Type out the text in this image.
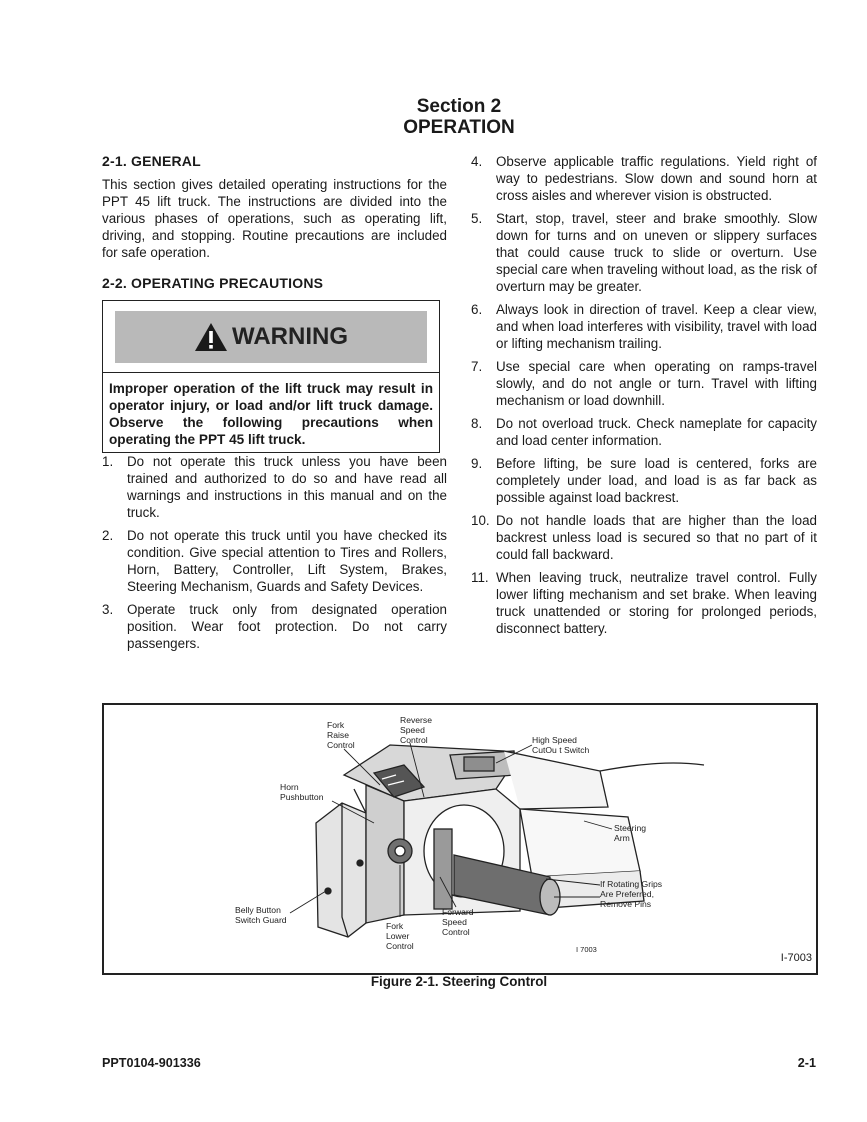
Section 2
OPERATION
2-1. GENERAL

This section gives detailed operating instructions for the PPT 45 lift truck. The instructions are divided into the various phases of operations, such as operating lift, driving, and stopping. Routine precautions are included for safe operation.

2-2. OPERATING PRECAUTIONS
WARNING
Improper operation of the lift truck may result in operator injury, or load and/or lift truck damage. Observe the following precautions when operating the PPT 45 lift truck.
1.	Do not operate this truck unless you have been trained and authorized to do so and have read all warnings and instructions in this manual and on the truck.
2.	Do not operate this truck until you have checked its condition. Give special attention to Tires and Rollers, Horn, Battery, Controller, Lift System, Brakes, Steering Mechanism, Guards and Safety Devices.
3.	Operate truck only from designated operation position. Wear foot protection. Do not carry passengers.
4.	Observe applicable traffic regulations. Yield right of way to pedestrians. Slow down and sound horn at cross aisles and wherever vision is obstructed.
5.	Start, stop, travel, steer and brake smoothly. Slow down for turns and on uneven or slippery surfaces that could cause truck to slide or overturn. Use special care when traveling without load, as the risk of overturn may be greater.
6.	Always look in direction of travel. Keep a clear view, and when load interferes with visibility, travel with load or lifting mechanism trailing.
7.	Use special care when operating on ramps-travel slowly, and do not angle or turn. Travel with lifting mechanism or load downhill.
8.	Do not overload truck. Check nameplate for capacity and load center information.
9.	Before lifting, be sure load is centered, forks are completely under load, and load is as far back as possible against load backrest.
10. Do not handle loads that are higher than the load backrest unless load is secured so that no part of it could fall backward.
11. When leaving truck, neutralize travel control. Fully lower lifting mechanism and set brake. When leaving truck unattended or storing for prolonged periods, disconnect battery.
Fork
Raise
Control
Reverse
Speed
Control	High Speed
CutOu t Switch
Horn
Pushbutton
Steering
Arm
If Rotating Grips
Are Preferred,
Remove Pins
Belly Button
Switch Guard
Fork
Lower
Control
Forward
Speed
Control
I 7003
I-7003
Figure 2-1. Steering Control
PPT0104-901336	2-1
